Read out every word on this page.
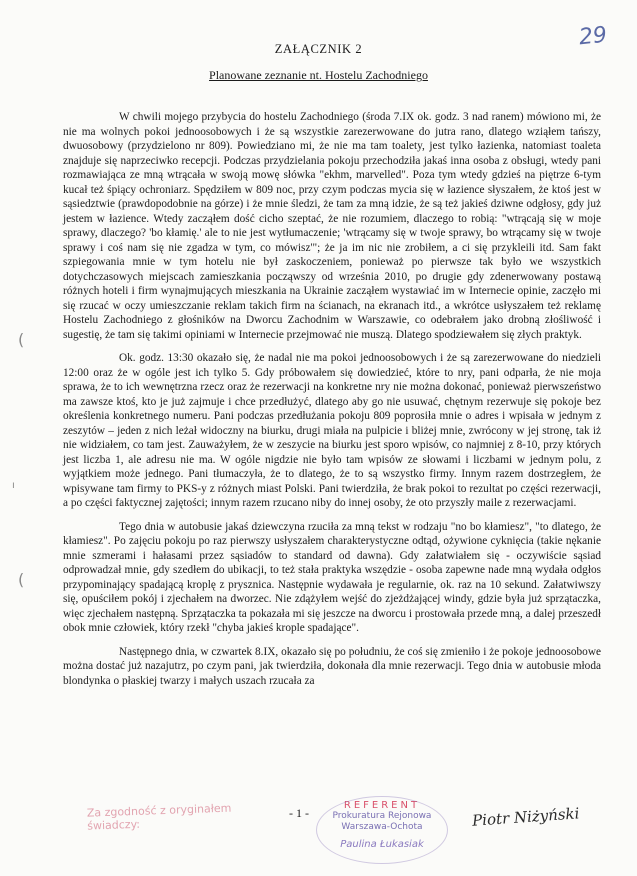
29
ZAŁĄCZNIK 2
Planowane zeznanie nt. Hostelu Zachodniego

W chwili mojego przybycia do hostelu Zachodniego (środa 7.IX ok. godz. 3 nad ranem) mówiono mi, że nie ma wolnych pokoi jednoosobowych i że są wszystkie zarezerwowane do jutra rano, dlatego wziąłem tańszy, dwuosobowy (przydzielono nr 809). Powiedziano mi, że nie ma tam toalety, jest tylko łazienka, natomiast toaleta znajduje się naprzeciwko recepcji. Podczas przydzielania pokoju przechodziła jakaś inna osoba z obsługi, wtedy pani rozmawiająca ze mną wtrącała w swoją mowę słówka "ekhm, marvelled". Poza tym wtedy gdzieś na piętrze 6-tym kucał też śpiący ochroniarz. Spędziłem w 809 noc, przy czym podczas mycia się w łazience słyszałem, że ktoś jest w sąsiedztwie (prawdopodobnie na górze) i że mnie śledzi, że tam za mną idzie, że są też jakieś dziwne odgłosy, gdy już jestem w łazience. Wtedy zacząłem dość cicho szeptać, że nie rozumiem, dlaczego to robią: "wtrącają się w moje sprawy, dlaczego? 'bo kłamię.' ale to nie jest wytłumaczenie; 'wtrącamy się w twoje sprawy, bo wtrącamy się w twoje sprawy i coś nam się nie zgadza w tym, co mówisz'"; że ja im nic nie zrobiłem, a ci się przykleili itd. Sam fakt szpiegowania mnie w tym hotelu nie był zaskoczeniem, ponieważ po pierwsze tak było we wszystkich dotychczasowych miejscach zamieszkania począwszy od września 2010, po drugie gdy zdenerwowany postawą różnych hoteli i firm wynajmujących mieszkania na Ukrainie zacząłem wystawiać im w Internecie opinie, zaczęło mi się rzucać w oczy umieszczanie reklam takich firm na ścianach, na ekranach itd., a wkrótce usłyszałem też reklamę Hostelu Zachodniego z głośników na Dworcu Zachodnim w Warszawie, co odebrałem jako drobną złośliwość i sugestię, że tam się takimi opiniami w Internecie przejmować nie muszą. Dlatego spodziewałem się złych praktyk.

Ok. godz. 13:30 okazało się, że nadal nie ma pokoi jednoosobowych i że są zarezerwowane do niedzieli 12:00 oraz że w ogóle jest ich tylko 5. Gdy próbowałem się dowiedzieć, które to nry, pani odparła, że nie moja sprawa, że to ich wewnętrzna rzecz oraz że rezerwacji na konkretne nry nie można dokonać, ponieważ pierwszeństwo ma zawsze ktoś, kto je już zajmuje i chce przedłużyć, dlatego aby go nie usuwać, chętnym rezerwuje się pokoje bez określenia konkretnego numeru. Pani podczas przedłużania pokoju 809 poprosiła mnie o adres i wpisała w jednym z zeszytów – jeden z nich leżał widoczny na biurku, drugi miała na pulpicie i bliżej mnie, zwrócony w jej stronę, tak iż nie widziałem, co tam jest. Zauważyłem, że w zeszycie na biurku jest sporo wpisów, co najmniej z 8-10, przy których jest liczba 1, ale adresu nie ma. W ogóle nigdzie nie było tam wpisów ze słowami i liczbami w jednym polu, z wyjątkiem może jednego. Pani tłumaczyła, że to dlatego, że to są wszystko firmy. Innym razem dostrzegłem, że wpisywane tam firmy to PKS-y z różnych miast Polski. Pani twierdziła, że brak pokoi to rezultat po części rezerwacji, a po części faktycznej zajętości; innym razem rzucano niby do innej osoby, że oto przyszły maile z rezerwacjami.

Tego dnia w autobusie jakaś dziewczyna rzuciła za mną tekst w rodzaju "no bo kłamiesz", "to dlatego, że kłamiesz". Po zajęciu pokoju po raz pierwszy usłyszałem charakterystyczne odtąd, ożywione cyknięcia (takie nękanie mnie szmerami i hałasami przez sąsiadów to standard od dawna). Gdy załatwiałem się - oczywiście sąsiad odprowadzał mnie, gdy szedłem do ubikacji, to też stała praktyka wszędzie - osoba zapewne nade mną wydała odgłos przypominający spadającą kroplę z prysznica. Następnie wydawała je regularnie, ok. raz na 10 sekund. Załatwiwszy się, opuściłem pokój i zjechałem na dworzec. Nie zdążyłem wejść do zjeżdżającej windy, gdzie była już sprzątaczka, więc zjechałem następną. Sprzątaczka ta pokazała mi się jeszcze na dworcu i prostowała przede mną, a dalej przeszedł obok mnie człowiek, który rzekł "chyba jakieś krople spadające".

Następnego dnia, w czwartek 8.IX, okazało się po południu, że coś się zmieniło i że pokoje jednoosobowe można dostać już nazajutrz, po czym pani, jak twierdziła, dokonała dla mnie rezerwacji. Tego dnia w autobusie młoda blondynka o płaskiej twarzy i małych uszach rzucała za

(
ı
(
Za zgodność z oryginałem świadczy:
- 1 -
REFERENT
Prokuratura Rejonowa Warszawa-Ochota
Paulina Łukasiak
Piotr Niżyński
